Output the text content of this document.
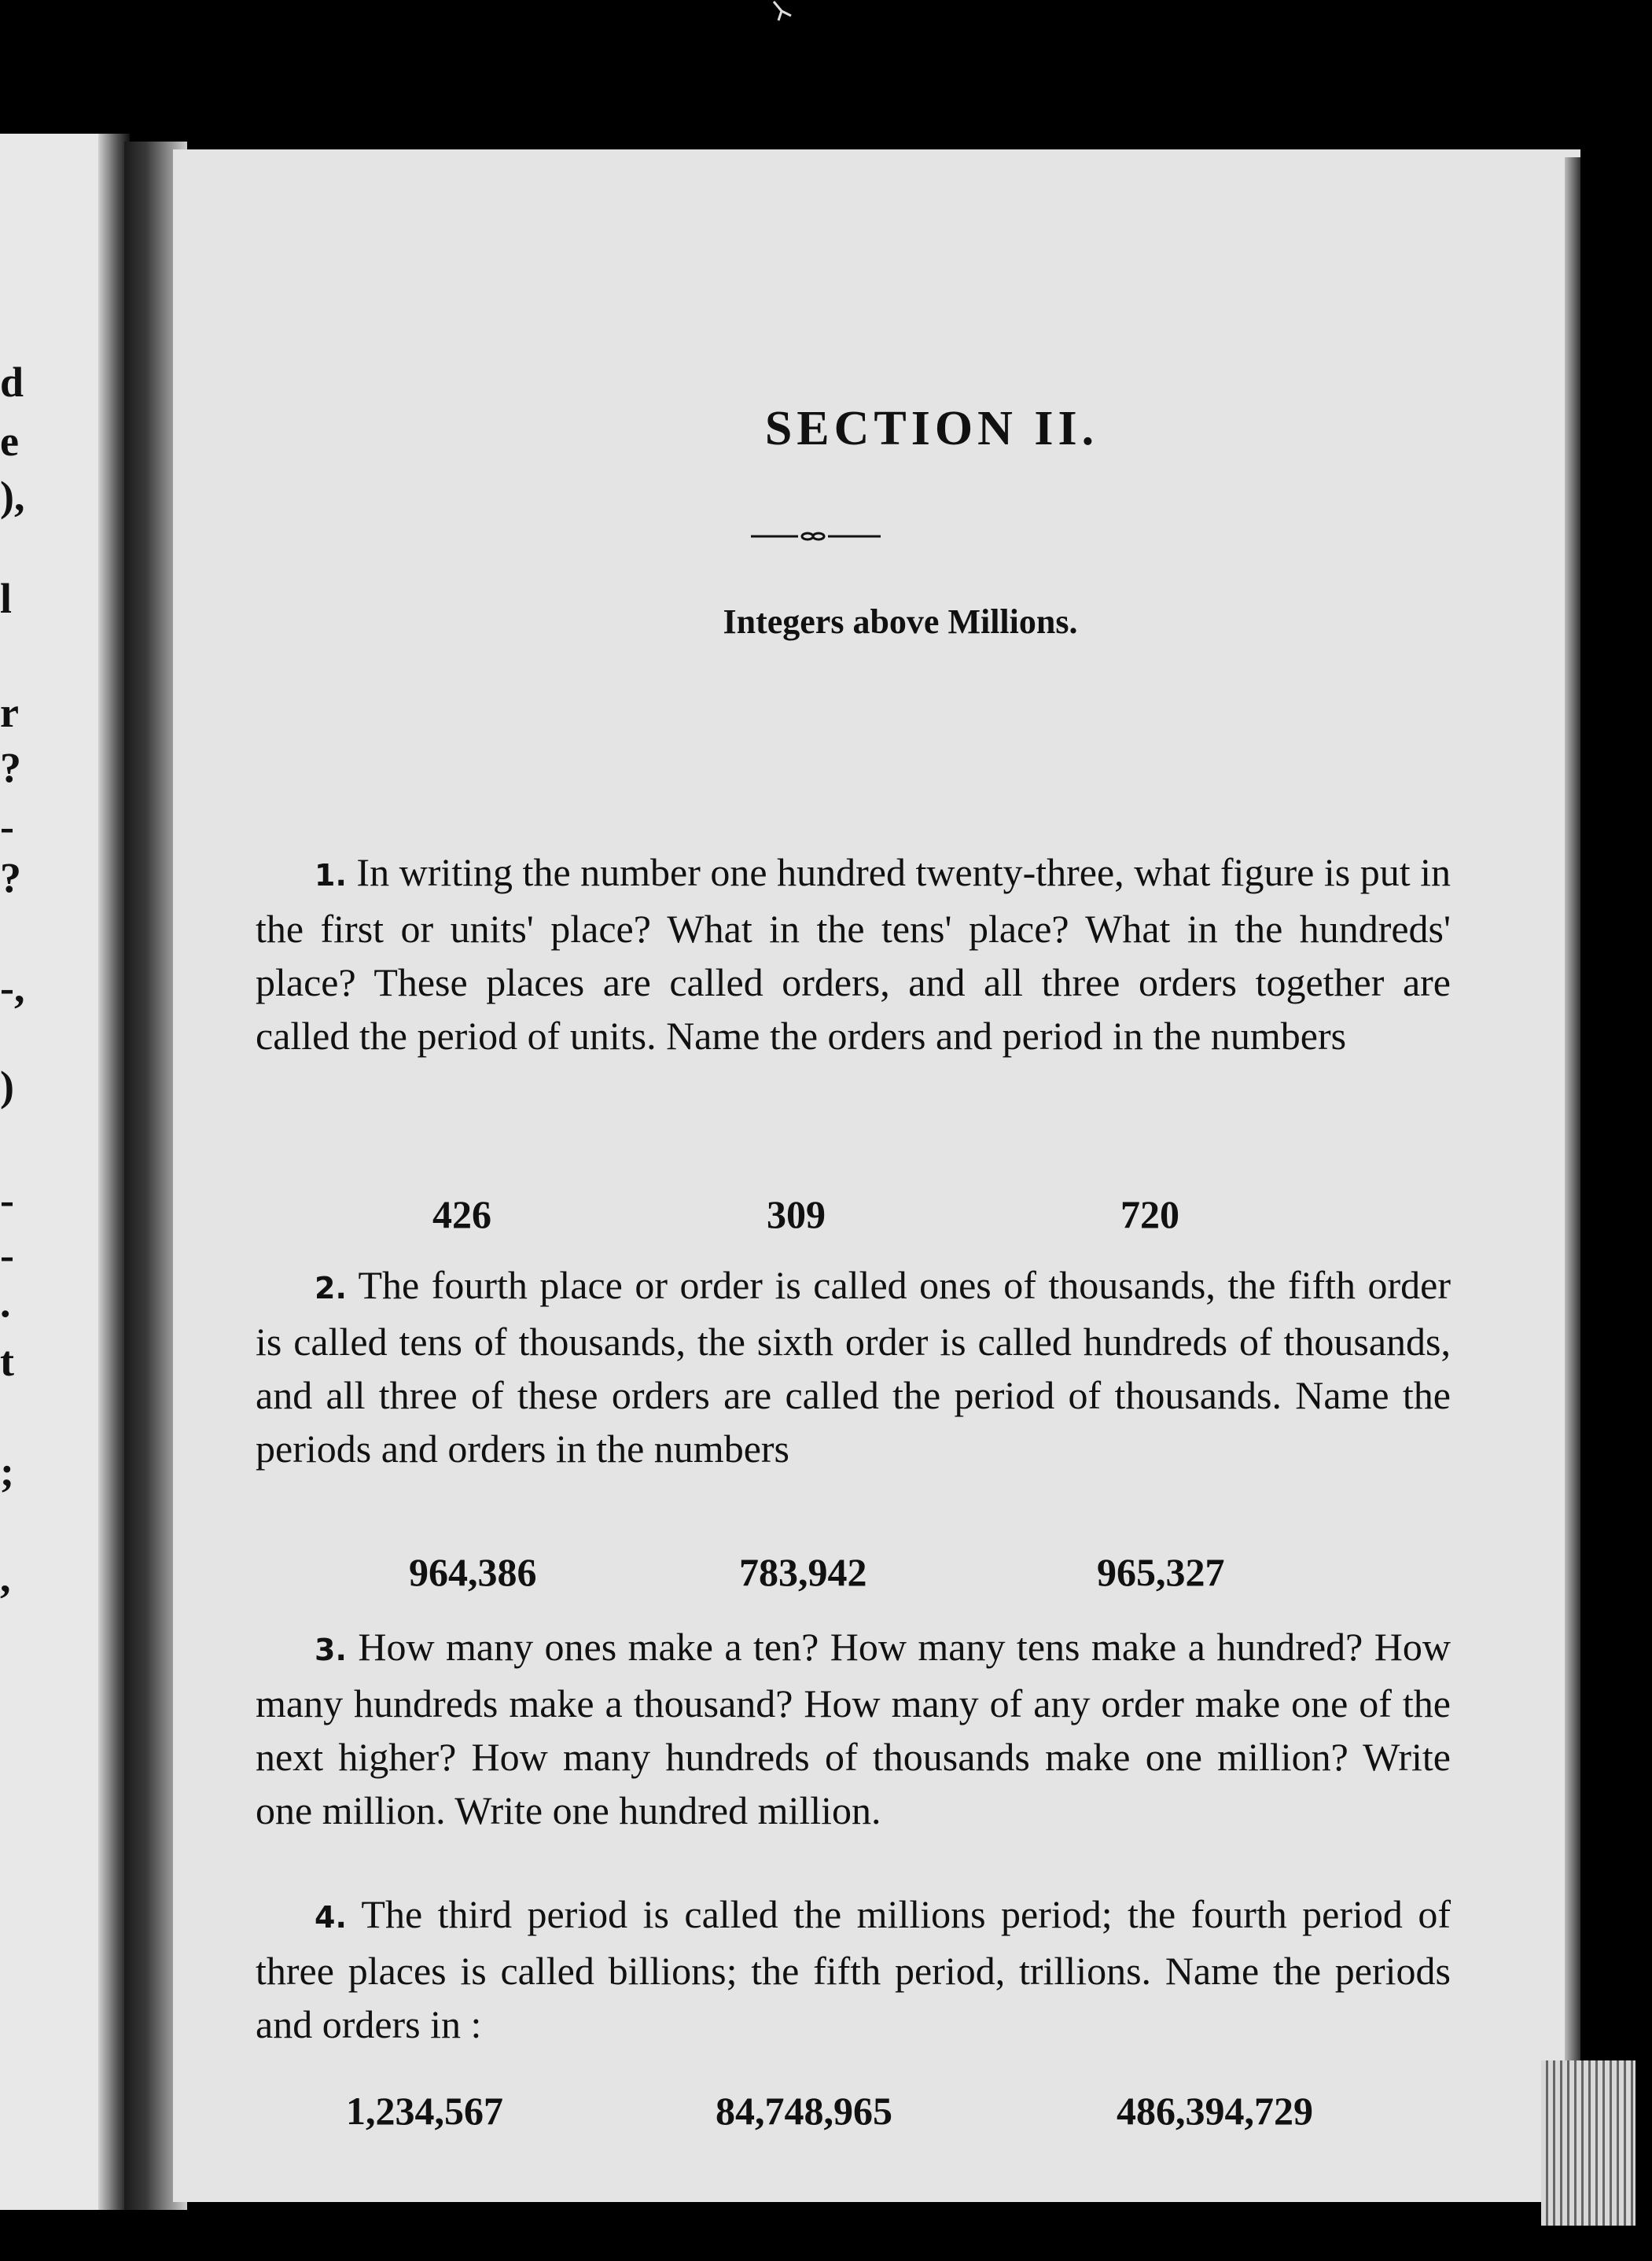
d
e
),
l
r
?
-
?
-,
)
-
-
.
t
;
,
SECTION II.
Integers above Millions.
1. In writing the number one hundred twenty-three, what figure is put in the first or units' place? What in the tens' place? What in the hundreds' place? These places are called orders, and all three orders together are called the period of units. Name the orders and period in the numbers
426	309	720
2. The fourth place or order is called ones of thousands, the fifth order is called tens of thousands, the sixth order is called hundreds of thousands, and all three of these orders are called the period of thousands. Name the periods and orders in the numbers
964,386	783,942	965,327
3. How many ones make a ten? How many tens make a hundred? How many hundreds make a thousand? How many of any order make one of the next higher? How many hundreds of thousands make one million? Write one million. Write one hundred million.
4. The third period is called the millions period; the fourth period of three places is called billions; the fifth period, trillions. Name the periods and orders in :
1,234,567	84,748,965	486,394,729
